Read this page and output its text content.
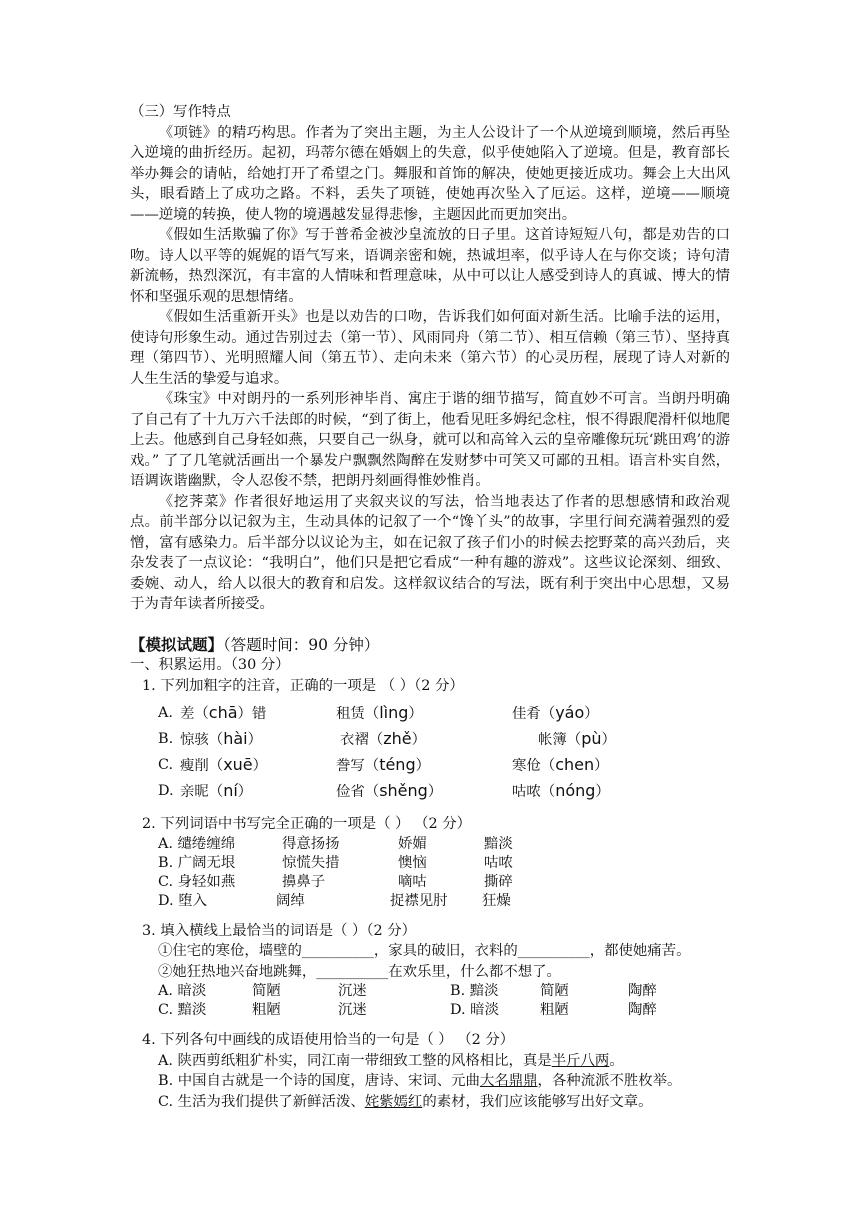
（三）写作特点

《项链》的精巧构思。作者为了突出主题，为主人公设计了一个从逆境到顺境，然后再坠入逆境的曲折经历。起初，玛蒂尔德在婚姻上的失意，似乎使她陷入了逆境。但是，教育部长举办舞会的请帖，给她打开了希望之门。舞服和首饰的解决，使她更接近成功。舞会上大出风头，眼看踏上了成功之路。不料，丢失了项链，使她再次坠入了厄运。这样，逆境——顺境——逆境的转换，使人物的境遇越发显得悲惨，主题因此而更加突出。

《假如生活欺骗了你》写于普希金被沙皇流放的日子里。这首诗短短八句，都是劝告的口吻。诗人以平等的娓娓的语气写来，语调亲密和婉，热诚坦率，似乎诗人在与你交谈；诗句清新流畅，热烈深沉，有丰富的人情味和哲理意味，从中可以让人感受到诗人的真诚、博大的情怀和坚强乐观的思想情绪。

《假如生活重新开头》也是以劝告的口吻，告诉我们如何面对新生活。比喻手法的运用，使诗句形象生动。通过告别过去（第一节）、风雨同舟（第二节）、相互信赖（第三节）、坚持真理（第四节）、光明照耀人间（第五节）、走向未来（第六节）的心灵历程，展现了诗人对新的人生生活的挚爱与追求。

《珠宝》中对朗丹的一系列形神毕肖、寓庄于谐的细节描写，简直妙不可言。当朗丹明确了自己有了十九万六千法郎的时候，“到了街上，他看见旺多姆纪念柱，恨不得跟爬滑杆似地爬上去。他感到自己身轻如燕，只要自己一纵身，就可以和高耸入云的皇帝雕像玩玩‘跳田鸡’的游戏。” 了了几笔就活画出一个暴发户飘飘然陶醉在发财梦中可笑又可鄙的丑相。语言朴实自然，语调诙谐幽默，令人忍俊不禁，把朗丹刻画得惟妙惟肖。

《挖荠菜》作者很好地运用了夹叙夹议的写法，恰当地表达了作者的思想感情和政治观点。前半部分以记叙为主，生动具体的记叙了一个“馋丫头”的故事，字里行间充满着强烈的爱憎，富有感染力。后半部分以议论为主，如在记叙了孩子们小的时候去挖野菜的高兴劲后，夹杂发表了一点议论：“我明白”，他们只是把它看成“一种有趣的游戏”。这些议论深刻、细致、委婉、动人，给人以很大的教育和启发。这样叙议结合的写法，既有利于突出中心思想，又易于为青年读者所接受。

【模拟试题】（答题时间：90 分钟）
一、积累运用。（30 分）
1. 下列加粗字的注音，正确的一项是 （ ）（2 分）
A. 差（chā）错	租赁（lìng）	佳肴（yáo）
B. 惊骇（hài）	衣褶（zhě）	帐簿（pù）
C. 瘦削（xuē）	誊写（téng）	寒伧（chen）
D. 亲昵（ní）	俭省（shěng）	咕哝（nóng）
2. 下列词语中书写完全正确的一项是（ ） （2 分）
A. 缱绻缠绵	得意扬扬	娇媚	黯淡
B. 广阔无垠	惊慌失措	懊恼	咕哝
C. 身轻如燕	擤鼻子	嘀咕	撕碎
D. 堕入	阔绰	捉襟见肘 狂燥
3. 填入横线上最恰当的词语是（ ）（2 分）
①住宅的寒伧，墙壁的__________，家具的破旧，衣料的__________，都使她痛苦。
②她狂热地兴奋地跳舞，__________在欢乐里，什么都不想了。
A. 暗淡	简陋	沉迷	B. 黯淡	简陋	陶醉
C. 黯淡	粗陋	沉迷	D. 暗淡	粗陋	陶醉
4. 下列各句中画线的成语使用恰当的一句是（ ） （2 分）
A. 陕西剪纸粗犷朴实，同江南一带细致工整的风格相比，真是半斤八两。
B. 中国自古就是一个诗的国度，唐诗、宋词、元曲大名鼎鼎，各种流派不胜枚举。
C. 生活为我们提供了新鲜活泼、姹紫嫣红的素材，我们应该能够写出好文章。
